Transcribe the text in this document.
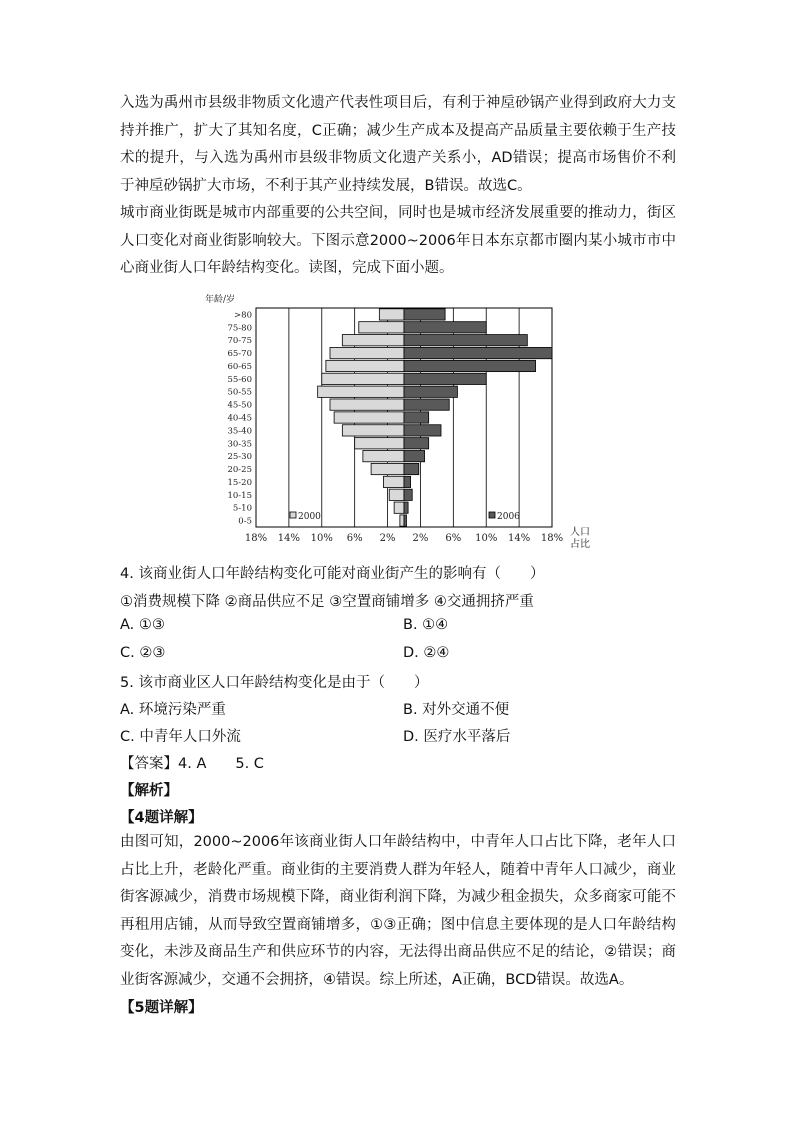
入选为禹州市县级非物质文化遗产代表性项目后，有利于神垕砂锅产业得到政府大力支持并推广，扩大了其知名度，C正确；减少生产成本及提高产品质量主要依赖于生产技术的提升，与入选为禹州市县级非物质文化遗产关系小，AD错误；提高市场售价不利于神垕砂锅扩大市场，不利于其产业持续发展，B错误。故选C。
城市商业街既是城市内部重要的公共空间，同时也是城市经济发展重要的推动力，街区人口变化对商业街影响较大。下图示意2000~2006年日本东京都市圈内某小城市市中心商业街人口年龄结构变化。读图，完成下面小题。
>80
75-80
70-75
65-70
60-65
55-60
50-55
45-50
40-45
35-40
30-35
25-30
20-25
15-20
10-15
5-10
0-5
18% 14% 10% 6% 2% 2% 6% 10% 14% 18%
年龄/岁
人口
占比
2000	2006
4. 该商业街人口年龄结构变化可能对商业街产生的影响有（　　）
①消费规模下降 ②商品供应不足 ③空置商铺增多 ④交通拥挤严重
A. ①③	B. ①④
C. ②③	D. ②④
5. 该市商业区人口年龄结构变化是由于（　　）
A. 环境污染严重	B. 对外交通不便
C. 中青年人口外流	D. 医疗水平落后
【答案】4. A　　5. C
【解析】
【4题详解】
由图可知，2000~2006年该商业街人口年龄结构中，中青年人口占比下降，老年人口占比上升，老龄化严重。商业街的主要消费人群为年轻人，随着中青年人口减少，商业街客源减少，消费市场规模下降，商业街利润下降，为减少租金损失，众多商家可能不再租用店铺，从而导致空置商铺增多，①③正确；图中信息主要体现的是人口年龄结构变化，未涉及商品生产和供应环节的内容，无法得出商品供应不足的结论，②错误；商业街客源减少，交通不会拥挤，④错误。综上所述，A正确，BCD错误。故选A。
【5题详解】
